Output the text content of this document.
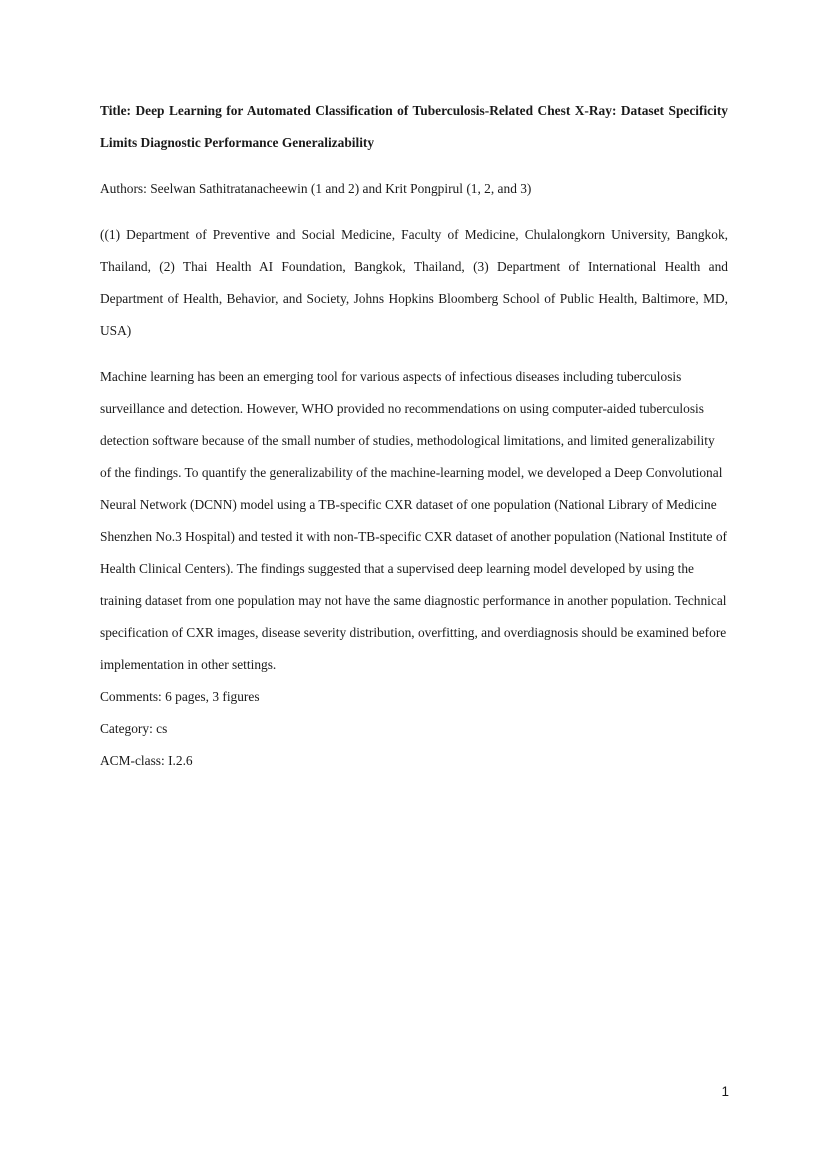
Title: Deep Learning for Automated Classification of Tuberculosis-Related Chest X-Ray: Dataset Specificity Limits Diagnostic Performance Generalizability

Authors: Seelwan Sathitratanacheewin (1 and 2) and Krit Pongpirul (1, 2, and 3)

((1) Department of Preventive and Social Medicine, Faculty of Medicine, Chulalongkorn University, Bangkok, Thailand, (2) Thai Health AI Foundation, Bangkok, Thailand, (3) Department of International Health and Department of Health, Behavior, and Society, Johns Hopkins Bloomberg School of Public Health, Baltimore, MD, USA)

Machine learning has been an emerging tool for various aspects of infectious diseases including tuberculosis surveillance and detection. However, WHO provided no recommendations on using computer-aided tuberculosis detection software because of the small number of studies, methodological limitations, and limited generalizability of the findings. To quantify the generalizability of the machine-learning model, we developed a Deep Convolutional Neural Network (DCNN) model using a TB-specific CXR dataset of one population (National Library of Medicine Shenzhen No.3 Hospital) and tested it with non-TB-specific CXR dataset of another population (National Institute of Health Clinical Centers). The findings suggested that a supervised deep learning model developed by using the training dataset from one population may not have the same diagnostic performance in another population. Technical specification of CXR images, disease severity distribution, overfitting, and overdiagnosis should be examined before implementation in other settings.

Comments: 6 pages, 3 figures

Category: cs

ACM-class: I.2.6

1
